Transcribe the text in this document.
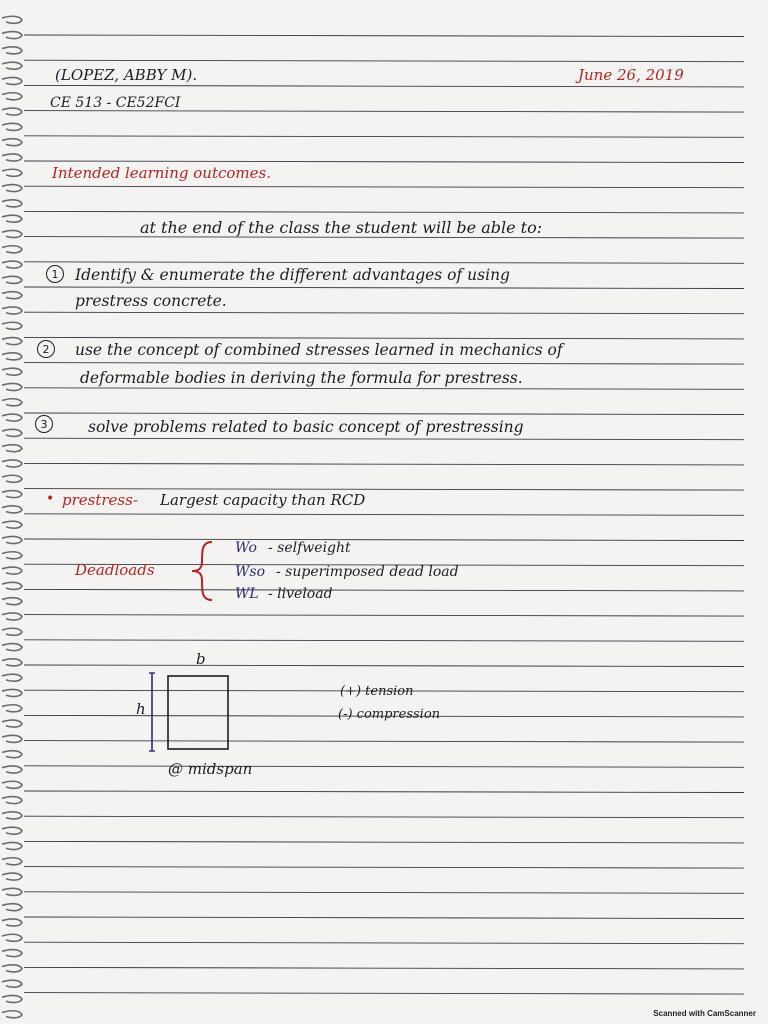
(LOPEZ, ABBY M).	June 26, 2019
CE 513 - CE52FCI
Intended learning outcomes.
at the end of the class the student will be able to:
1	Identify & enumerate the different advantages of using
prestress concrete.
2	use the concept of combined stresses learned in mechanics of
deformable bodies in deriving the formula for prestress.
3	solve problems related to basic concept of prestressing
• prestress- Largest capacity than RCD
Deadloads
Wo - selfweight
Wso - superimposed dead load
WL - liveload
b
h
@ midspan
(+) tension
(-) compression
Scanned with CamScanner
